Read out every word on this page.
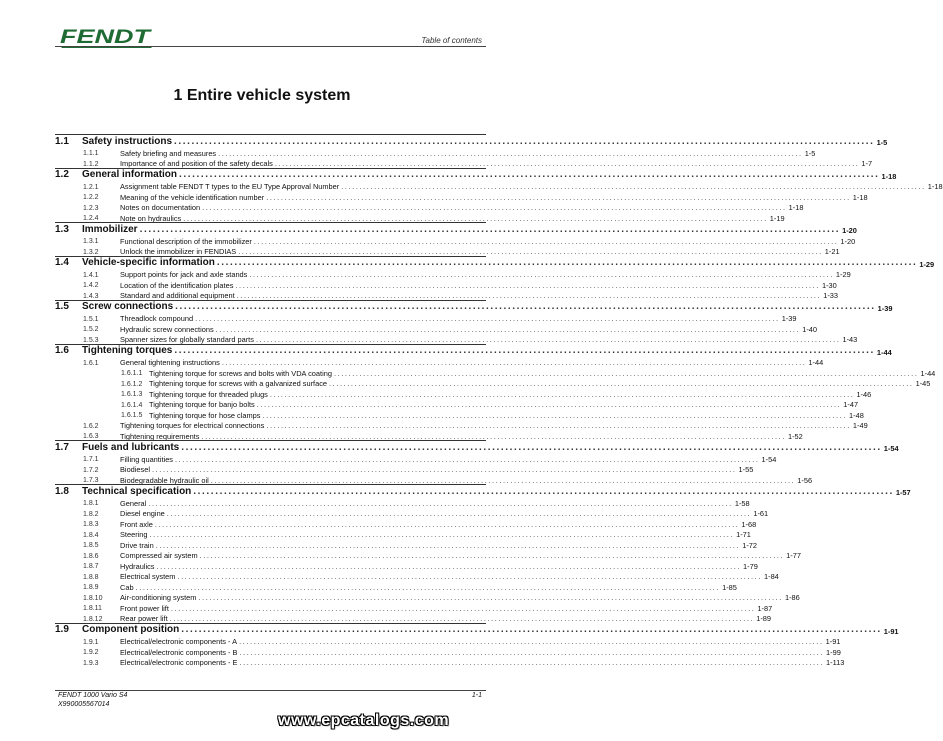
FENDT	Table of contents
1 Entire vehicle system
1.1	Safety instructions ................................................................................................................................................................ 1-5
1.1.1	Safety briefing and measures ................................................................................................................................................................ 1-5
1.1.2	Importance of and position of the safety decals ................................................................................................................................................................ 1-7
1.2	General information ................................................................................................................................................................ 1-18
1.2.1	Assignment table FENDT T types to the EU Type Approval Number ................................................................................................................................................................ 1-18
1.2.2	Meaning of the vehicle identification number ................................................................................................................................................................ 1-18
1.2.3	Notes on documentation ................................................................................................................................................................ 1-18
1.2.4	Note on hydraulics ................................................................................................................................................................ 1-19
1.3	Immobilizer ................................................................................................................................................................ 1-20
1.3.1	Functional description of the immobilizer ................................................................................................................................................................ 1-20
1.3.2	Unlock the immobilizer in FENDIAS ................................................................................................................................................................ 1-21
1.4	Vehicle-specific information ................................................................................................................................................................ 1-29
1.4.1	Support points for jack and axle stands ................................................................................................................................................................ 1-29
1.4.2	Location of the identification plates ................................................................................................................................................................ 1-30
1.4.3	Standard and additional equipment ................................................................................................................................................................ 1-33
1.5	Screw connections ................................................................................................................................................................ 1-39
1.5.1	Threadlock compound ................................................................................................................................................................ 1-39
1.5.2	Hydraulic screw connections ................................................................................................................................................................ 1-40
1.5.3	Spanner sizes for globally standard parts ................................................................................................................................................................ 1-43
1.6	Tightening torques ................................................................................................................................................................ 1-44
1.6.1	General tightening instructions ................................................................................................................................................................ 1-44
1.6.1.1 Tightening torque for screws and bolts with VDA coating ................................................................................................................................................................ 1-44
1.6.1.2 Tightening torque for screws with a galvanized surface ................................................................................................................................................................ 1-45
1.6.1.3 Tightening torque for threaded plugs ................................................................................................................................................................ 1-46
1.6.1.4 Tightening torque for banjo bolts ................................................................................................................................................................ 1-47
1.6.1.5 Tightening torque for hose clamps ................................................................................................................................................................ 1-48
1.6.2	Tightening torques for electrical connections ................................................................................................................................................................ 1-49
1.6.3	Tightening requirements ................................................................................................................................................................ 1-52
1.7	Fuels and lubricants ................................................................................................................................................................ 1-54
1.7.1	Filling quantities ................................................................................................................................................................ 1-54
1.7.2	Biodiesel ................................................................................................................................................................ 1-55
1.7.3	Biodegradable hydraulic oil ................................................................................................................................................................ 1-56
1.8	Technical specification ................................................................................................................................................................ 1-57
1.8.1	General ................................................................................................................................................................ 1-58
1.8.2	Diesel engine ................................................................................................................................................................ 1-61
1.8.3	Front axle ................................................................................................................................................................ 1-68
1.8.4	Steering ................................................................................................................................................................ 1-71
1.8.5	Drive train ................................................................................................................................................................ 1-72
1.8.6	Compressed air system ................................................................................................................................................................ 1-77
1.8.7	Hydraulics ................................................................................................................................................................ 1-79
1.8.8	Electrical system ................................................................................................................................................................ 1-84
1.8.9	Cab ................................................................................................................................................................ 1-85
1.8.10	Air-conditioning system ................................................................................................................................................................ 1-86
1.8.11	Front power lift ................................................................................................................................................................ 1-87
1.8.12	Rear power lift ................................................................................................................................................................ 1-89
1.9	Component position ................................................................................................................................................................ 1-91
1.9.1	Electrical/electronic components - A ................................................................................................................................................................ 1-91
1.9.2	Electrical/electronic components - B ................................................................................................................................................................ 1-99
1.9.3	Electrical/electronic components - E ................................................................................................................................................................ 1-113
FENDT 1000 Vario S4
X990005567014
1-1
www.epcatalogs.com
